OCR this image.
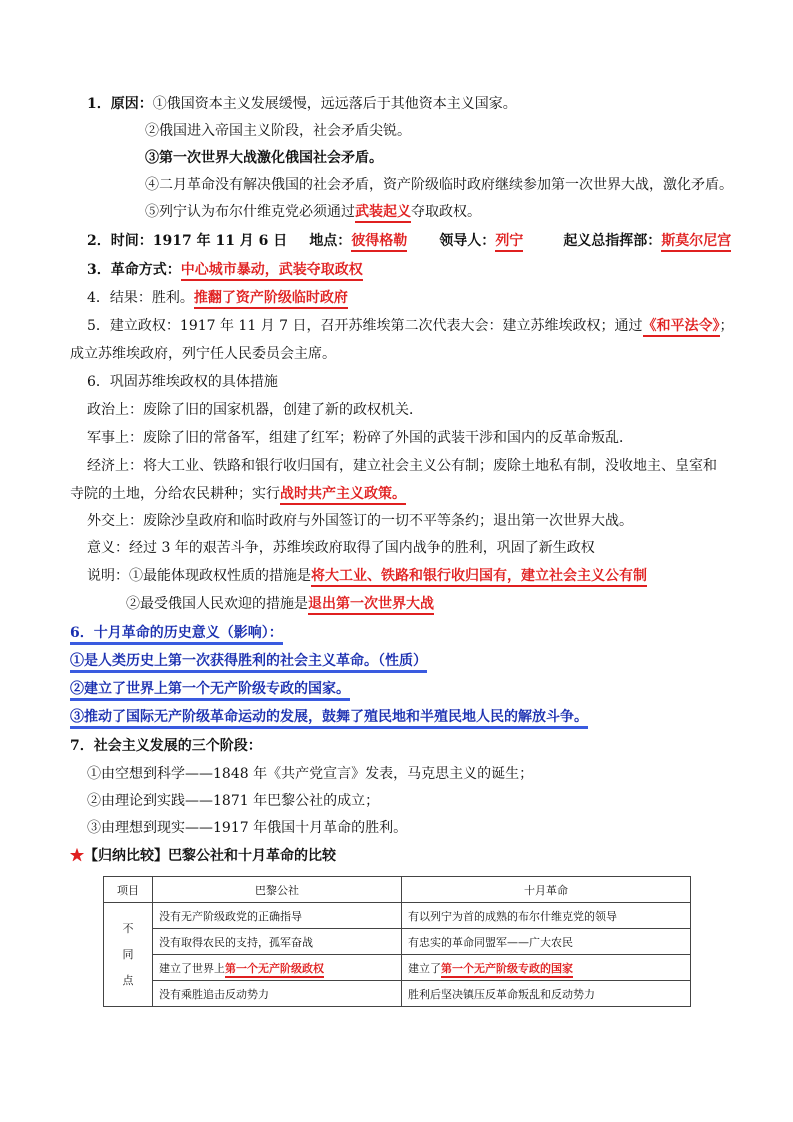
1．原因：①俄国资本主义发展缓慢，远远落后于其他资本主义国家。
②俄国进入帝国主义阶段，社会矛盾尖锐。
③第一次世界大战激化俄国社会矛盾。
④二月革命没有解决俄国的社会矛盾，资产阶级临时政府继续参加第一次世界大战，激化矛盾。
⑤列宁认为布尔什维克党必须通过武装起义夺取政权。
2．时间：1917 年 11 月 6 日 地点：彼得格勒 领导人：列宁	起义总指挥部：斯莫尔尼宫
3．革命方式：中心城市暴动，武装夺取政权
4．结果：胜利。推翻了资产阶级临时政府
5．建立政权：1917 年 11 月 7 日，召开苏维埃第二次代表大会：建立苏维埃政权；通过《和平法令》；
成立苏维埃政府，列宁任人民委员会主席。
6．巩固苏维埃政权的具体措施
政治上：废除了旧的国家机器，创建了新的政权机关．
军事上：废除了旧的常备军，组建了红军；粉碎了外国的武装干涉和国内的反革命叛乱．
经济上：将大工业、铁路和银行收归国有，建立社会主义公有制；废除土地私有制，没收地主、皇室和
寺院的土地，分给农民耕种；实行战时共产主义政策。
外交上：废除沙皇政府和临时政府与外国签订的一切不平等条约；退出第一次世界大战。
意义：经过 3 年的艰苦斗争，苏维埃政府取得了国内战争的胜利，巩固了新生政权
说明：①最能体现政权性质的措施是将大工业、铁路和银行收归国有，建立社会主义公有制
②最受俄国人民欢迎的措施是退出第一次世界大战
6．十月革命的历史意义（影响）：
①是人类历史上第一次获得胜利的社会主义革命。（性质）
②建立了世界上第一个无产阶级专政的国家。
③推动了国际无产阶级革命运动的发展，鼓舞了殖民地和半殖民地人民的解放斗争。
7．社会主义发展的三个阶段：
①由空想到科学——1848 年《共产党宣言》发表，马克思主义的诞生；
②由理论到实践——1871 年巴黎公社的成立；
③由理想到现实——1917 年俄国十月革命的胜利。
★【归纳比较】巴黎公社和十月革命的比较
项目	巴黎公社	十月革命

不同点	没有无产阶级政党的正确指导	有以列宁为首的成熟的布尔什维克党的领导
	没有取得农民的支持，孤军奋战	有忠实的革命同盟军——广大农民
	建立了世界上第一个无产阶级政权	建立了第一个无产阶级专政的国家
	没有乘胜追击反动势力	胜利后坚决镇压反革命叛乱和反动势力
